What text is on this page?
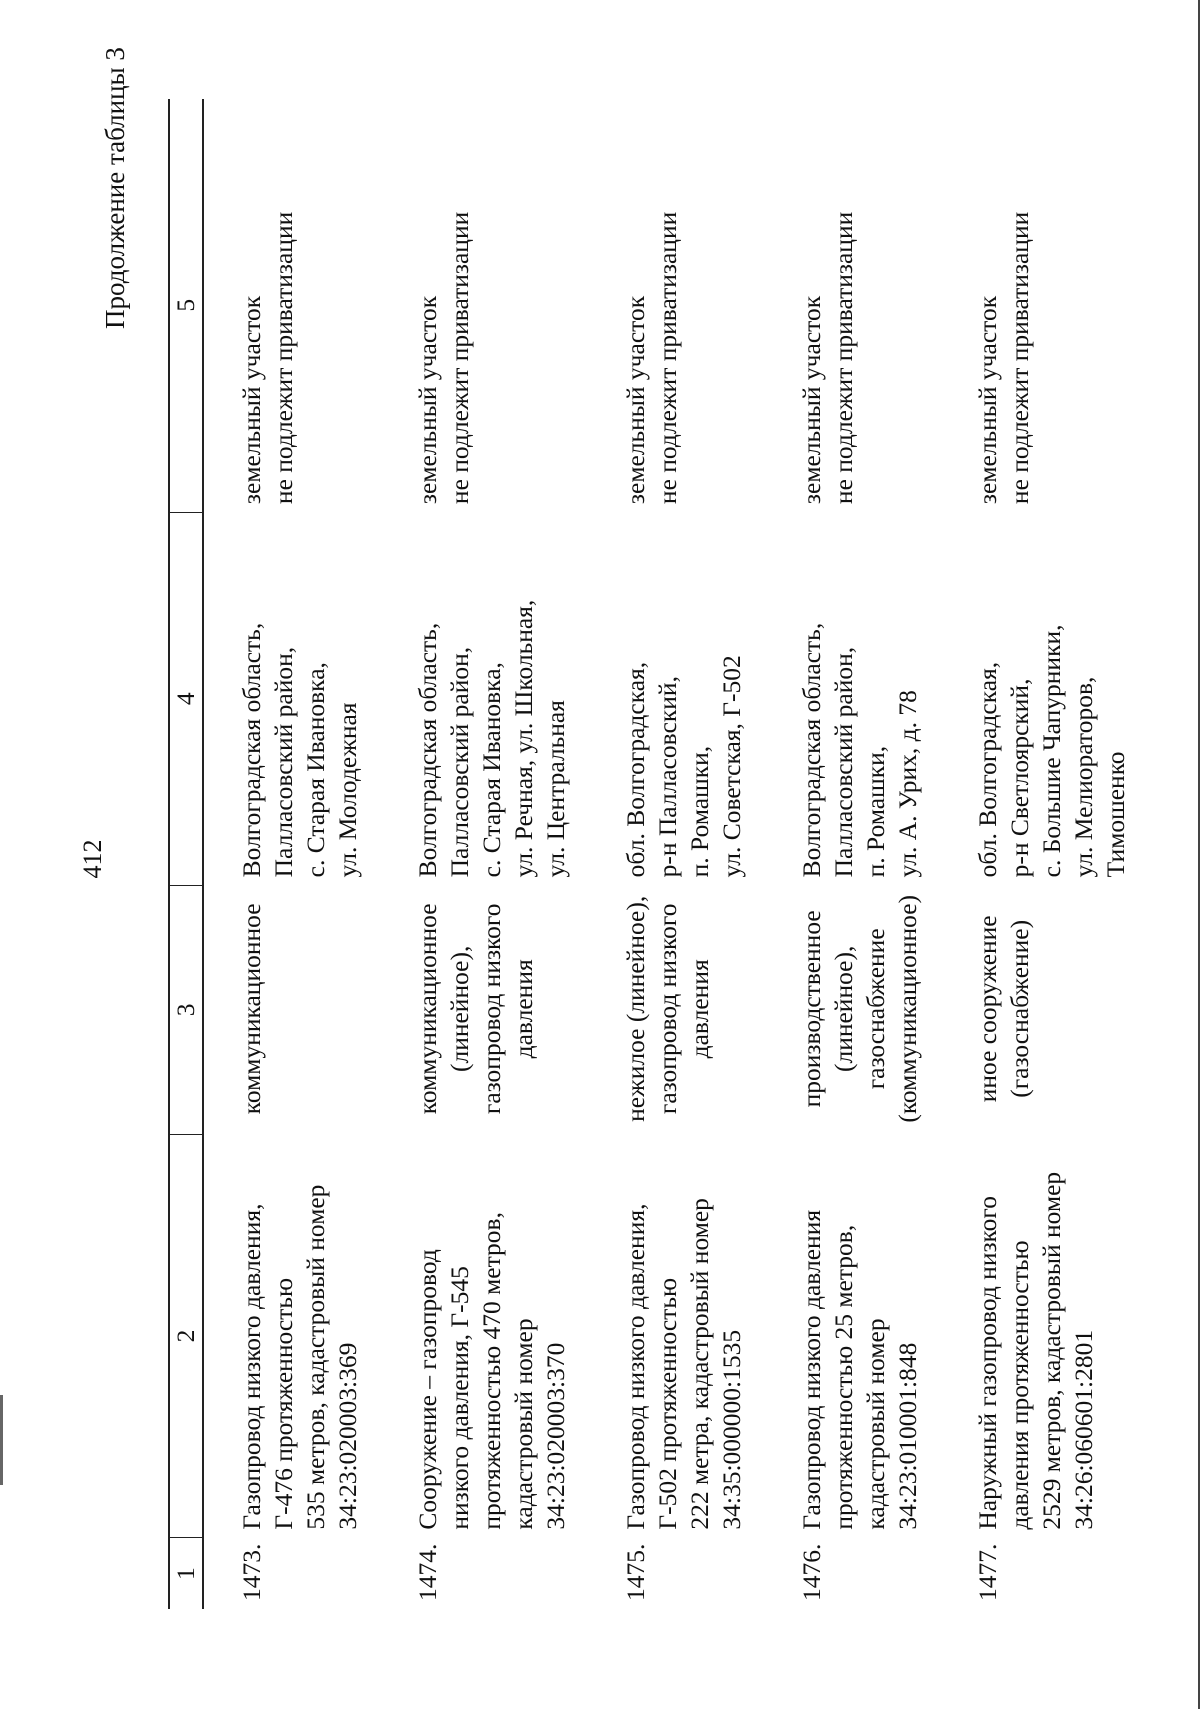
412
Продолжение таблицы 3
1	2	3	4	5
1473.	Газопровод низкого давления, Г-476 протяженностью 535 метров, кадастровый номер 34:23:020003:369	коммуникационное	Волгоградская область, Палласовский район, с. Старая Ивановка, ул. Молодежная	земельный участок не подлежит приватизации

1474.	Сооружение – газопровод низкого давления, Г-545 протяженностью 470 метров, кадастровый номер 34:23:020003:370	коммуникационное (линейное), газопровод низкого давления	Волгоградская область, Палласовский район, с. Старая Ивановка, ул. Речная, ул. Школьная, ул. Центральная	земельный участок не подлежит приватизации

1475.	Газопровод низкого давления, Г-502 протяженностью 222 метра, кадастровый номер 34:35:000000:1535	нежилое (линейное), газопровод низкого давления	обл. Волгоградская, р-н Палласовский, п. Ромашки, ул. Советская, Г-502	земельный участок не подлежит приватизации

1476.	Газопровод низкого давления протяженностью 25 метров, кадастровый номер 34:23:010001:848	производственное (линейное), газоснабжение (коммуникационное)	Волгоградская область, Палласовский район, п. Ромашки, ул. А. Урих, д. 78	земельный участок не подлежит приватизации

1477.	Наружный газопровод низкого давления протяженностью 2529 метров, кадастровый номер 34:26:060601:2801	иное сооружение (газоснабжение)	обл. Волгоградская, р-н Светлоярский, с. Большие Чапурники, ул. Мелиораторов, Тимошенко	земельный участок не подлежит приватизации
